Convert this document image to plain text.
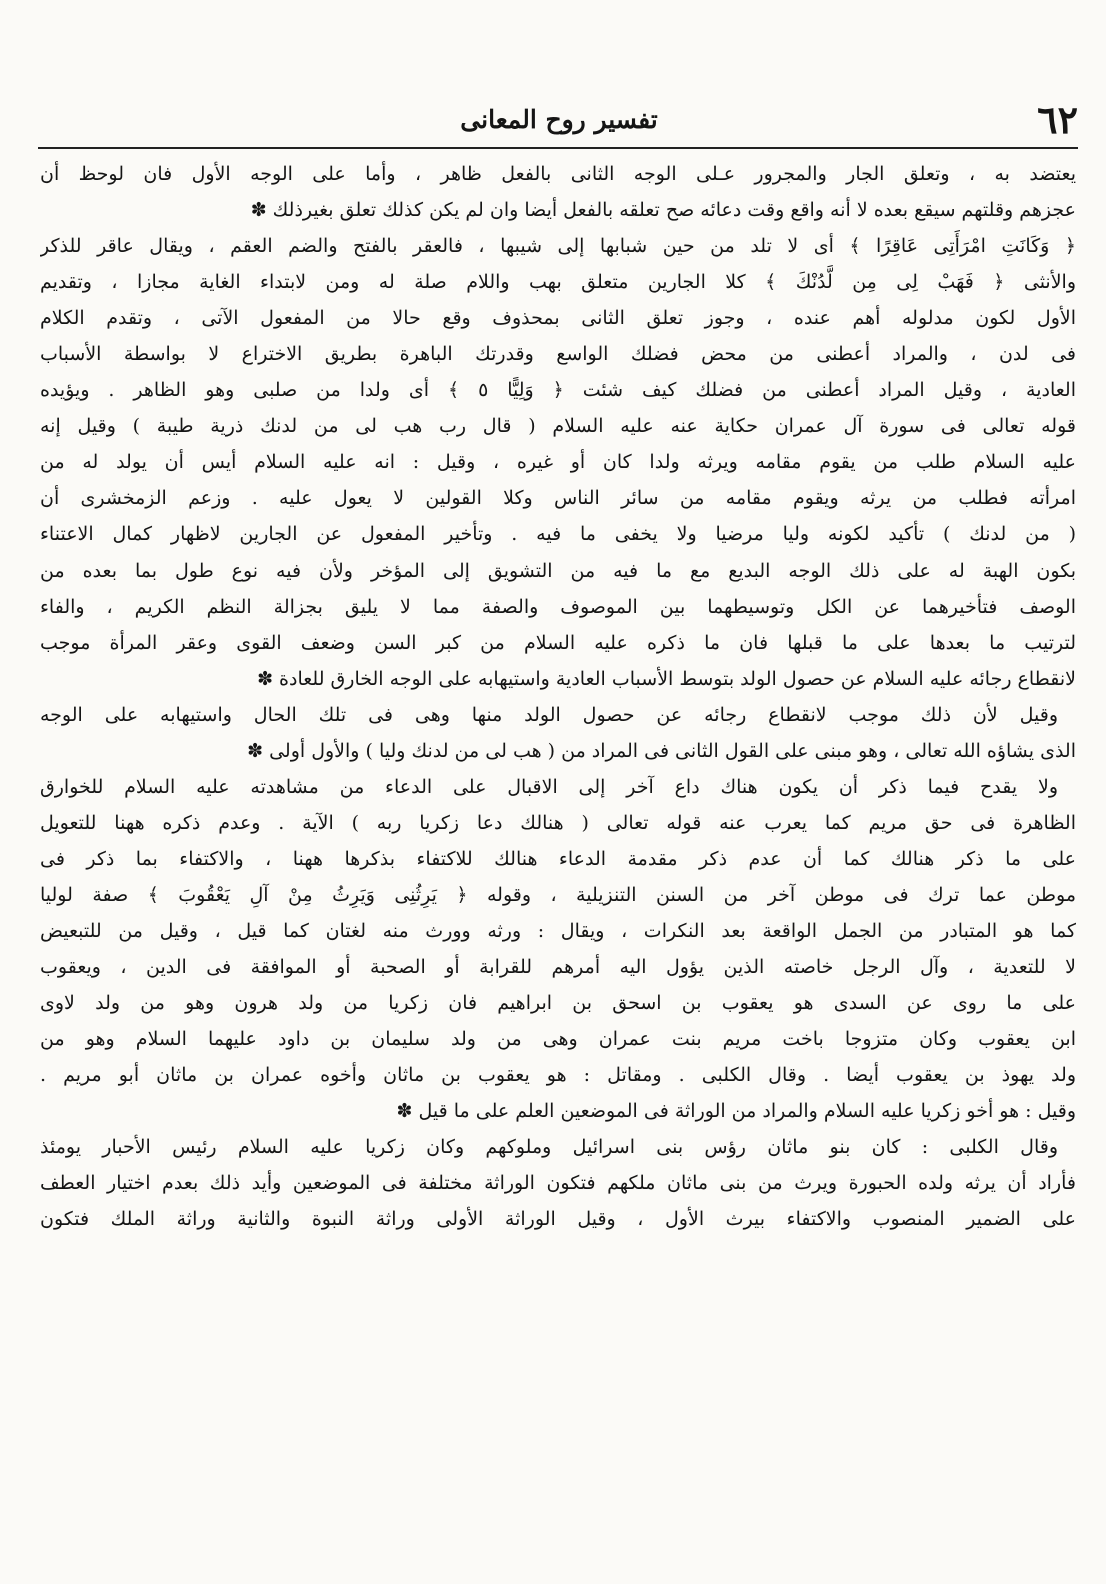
٦٢
تفسير روح المعانى
يعتضد به ، وتعلق الجار والمجرور عـلى الوجه الثانى بالفعل ظاهر ، وأما على الوجه الأول فان لوحظ أن
عجزهم وقلتهم سيقع بعده لا أنه واقع وقت دعائه صح تعلقه بالفعل أيضا وان لم يكن كذلك تعلق بغيرذلك ✽
﴿ وَكَانَتِ امْرَأَتِى عَاقِرًا ﴾ أى لا تلد من حين شبابها إلى شيبها ، فالعقر بالفتح والضم العقم ، ويقال عاقر للذكر
والأنثى ﴿ فَهَبْ لِى مِن لَّدُنْكَ ﴾ كلا الجارين متعلق بهب واللام صلة له ومن لابتداء الغاية مجازا ، وتقديم
الأول لكون مدلوله أهم عنده ، وجوز تعلق الثانى بمحذوف وقع حالا من المفعول الآتى ، وتقدم الكلام
فى لدن ، والمراد أعطنى من محض فضلك الواسع وقدرتك الباهرة بطريق الاختراع لا بواسطة الأسباب
العادية ، وقيل المراد أعطنى من فضلك كيف شئت ﴿ وَلِيًّا ٥ ﴾ أى ولدا من صلبى وهو الظاهر . ويؤيده
قوله تعالى فى سورة آل عمران حكاية عنه عليه السلام ( قال رب هب لى من لدنك ذرية طيبة ) وقيل إنه
عليه السلام طلب من يقوم مقامه ويرثه ولدا كان أو غيره ، وقيل : انه عليه السلام أيس أن يولد له من
امرأته فطلب من يرثه ويقوم مقامه من سائر الناس وكلا القولين لا يعول عليه . وزعم الزمخشرى أن
( من لدنك ) تأكيد لكونه وليا مرضيا ولا يخفى ما فيه . وتأخير المفعول عن الجارين لاظهار كمال الاعتناء
بكون الهبة له على ذلك الوجه البديع مع ما فيه من التشويق إلى المؤخر ولأن فيه نوع طول بما بعده من
الوصف فتأخيرهما عن الكل وتوسيطهما بين الموصوف والصفة مما لا يليق بجزالة النظم الكريم ، والفاء
لترتيب ما بعدها على ما قبلها فان ما ذكره عليه السلام من كبر السن وضعف القوى وعقر المرأة موجب
لانقطاع رجائه عليه السلام عن حصول الولد بتوسط الأسباب العادية واستيهابه على الوجه الخارق للعادة ✽
وقيل لأن ذلك موجب لانقطاع رجائه عن حصول الولد منها وهى فى تلك الحال واستيهابه على الوجه
الذى يشاؤه الله تعالى ، وهو مبنى على القول الثانى فى المراد من ( هب لى من لدنك وليا ) والأول أولى ✽
ولا يقدح فيما ذكر أن يكون هناك داع آخر إلى الاقبال على الدعاء من مشاهدته عليه السلام للخوارق
الظاهرة فى حق مريم كما يعرب عنه قوله تعالى ( هنالك دعا زكريا ربه ) الآية . وعدم ذكره ههنا للتعويل
على ما ذكر هنالك كما أن عدم ذكر مقدمة الدعاء هنالك للاكتفاء بذكرها ههنا ، والاكتفاء بما ذكر فى
موطن عما ترك فى موطن آخر من السنن التنزيلية ، وقوله ﴿ يَرِثُنِى وَيَرِثُ مِنْ آلِ يَعْقُوبَ ﴾ صفة لوليا
كما هو المتبادر من الجمل الواقعة بعد النكرات ، ويقال : ورثه وورث منه لغتان كما قيل ، وقيل من للتبعيض
لا للتعدية ، وآل الرجل خاصته الذين يؤول اليه أمرهم للقرابة أو الصحبة أو الموافقة فى الدين ، ويعقوب
على ما روى عن السدى هو يعقوب بن اسحق بن ابراهيم فان زكريا من ولد هرون وهو من ولد لاوى
ابن يعقوب وكان متزوجا باخت مريم بنت عمران وهى من ولد سليمان بن داود عليهما السلام وهو من
ولد يهوذ بن يعقوب أيضا . وقال الكلبى . ومقاتل : هو يعقوب بن ماثان وأخوه عمران بن ماثان أبو مريم .
وقيل : هو أخو زكريا عليه السلام والمراد من الوراثة فى الموضعين العلم على ما قيل ✽
وقال الكلبى : كان بنو ماثان رؤس بنى اسرائيل وملوكهم وكان زكريا عليه السلام رئيس الأحبار يومئذ
فأراد أن يرثه ولده الحبورة ويرث من بنى ماثان ملكهم فتكون الوراثة مختلفة فى الموضعين وأيد ذلك بعدم اختيار العطف
على الضمير المنصوب والاكتفاء بيرث الأول ، وقيل الوراثة الأولى وراثة النبوة والثانية وراثة الملك فتكون
